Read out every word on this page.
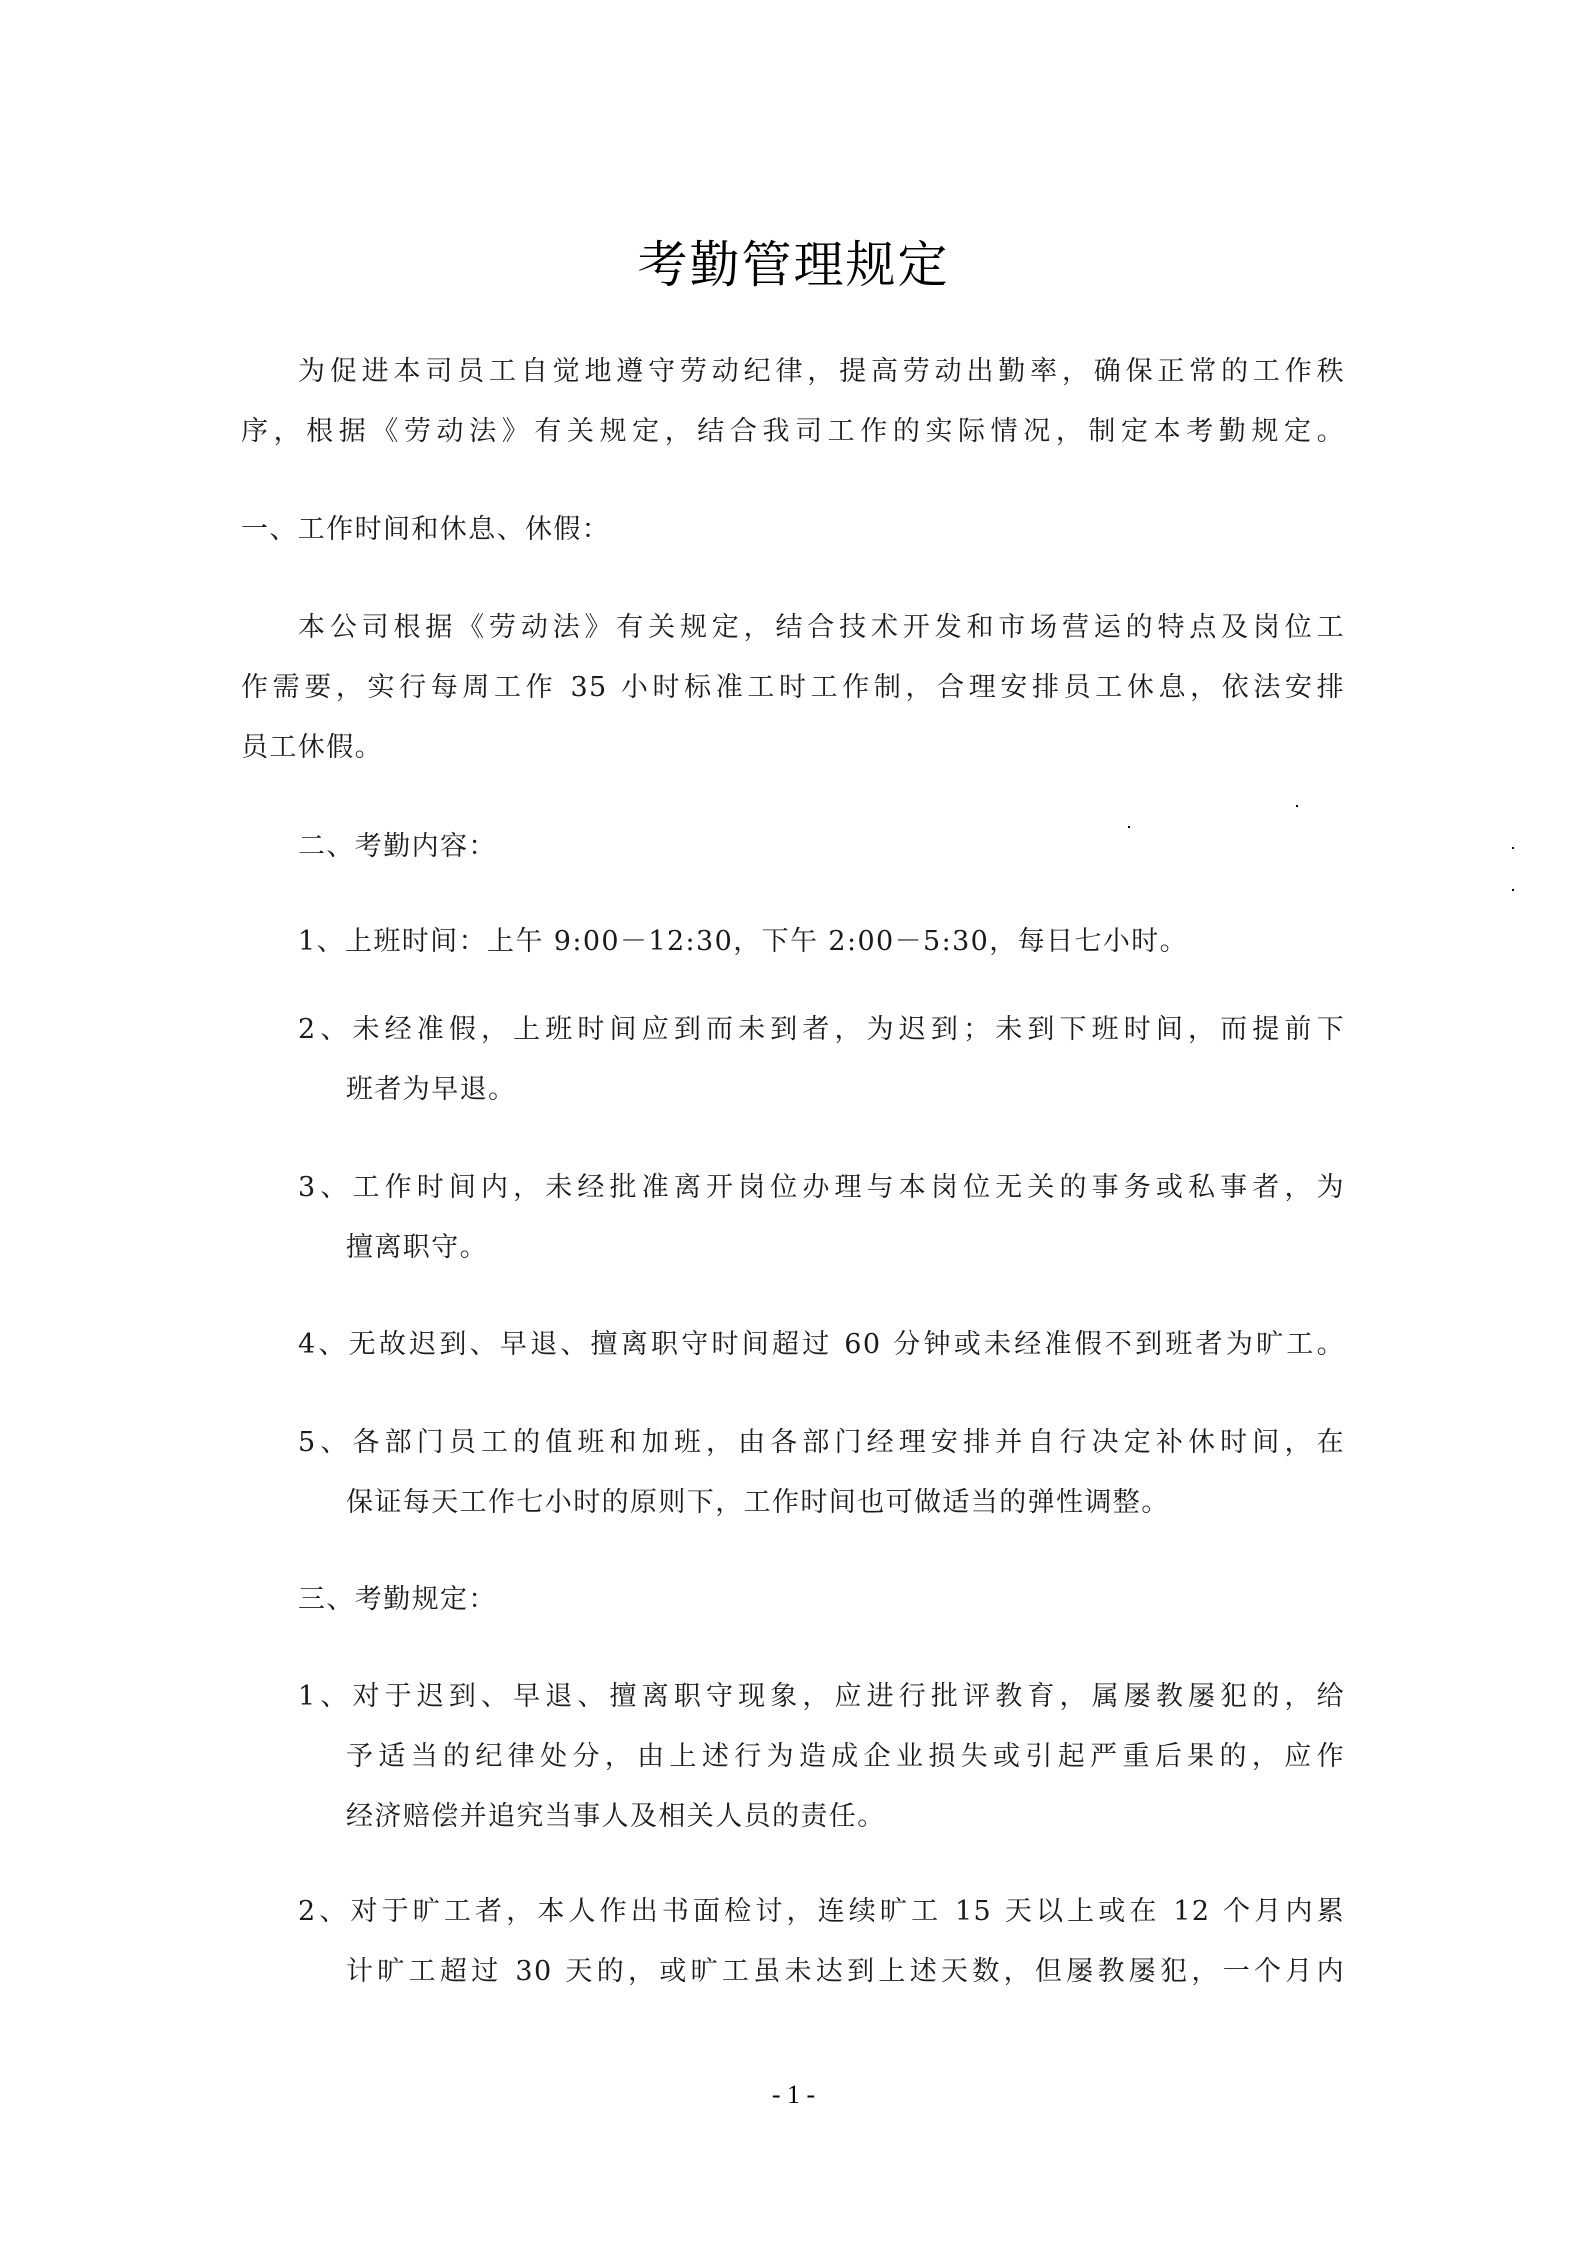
考勤管理规定
为促进本司员工自觉地遵守劳动纪律，提高劳动出勤率，确保正常的工作秩
序，根据《劳动法》有关规定，结合我司工作的实际情况，制定本考勤规定。
一、工作时间和休息、休假：
本公司根据《劳动法》有关规定，结合技术开发和市场营运的特点及岗位工
作需要，实行每周工作 35 小时标准工时工作制，合理安排员工休息，依法安排
员工休假。
二、考勤内容：
1、上班时间：上午 9:00－12:30，下午 2:00－5:30，每日七小时。
2、未经准假，上班时间应到而未到者，为迟到；未到下班时间，而提前下
班者为早退。
3、工作时间内，未经批准离开岗位办理与本岗位无关的事务或私事者，为
擅离职守。
4、无故迟到、早退、擅离职守时间超过 60 分钟或未经准假不到班者为旷工。
5、各部门员工的值班和加班，由各部门经理安排并自行决定补休时间，在
保证每天工作七小时的原则下，工作时间也可做适当的弹性调整。
三、考勤规定：
1、对于迟到、早退、擅离职守现象，应进行批评教育，属屡教屡犯的，给
予适当的纪律处分，由上述行为造成企业损失或引起严重后果的，应作
经济赔偿并追究当事人及相关人员的责任。
2、对于旷工者，本人作出书面检讨，连续旷工 15 天以上或在 12 个月内累
计旷工超过 30 天的，或旷工虽未达到上述天数，但屡教屡犯，一个月内
- 1 -
